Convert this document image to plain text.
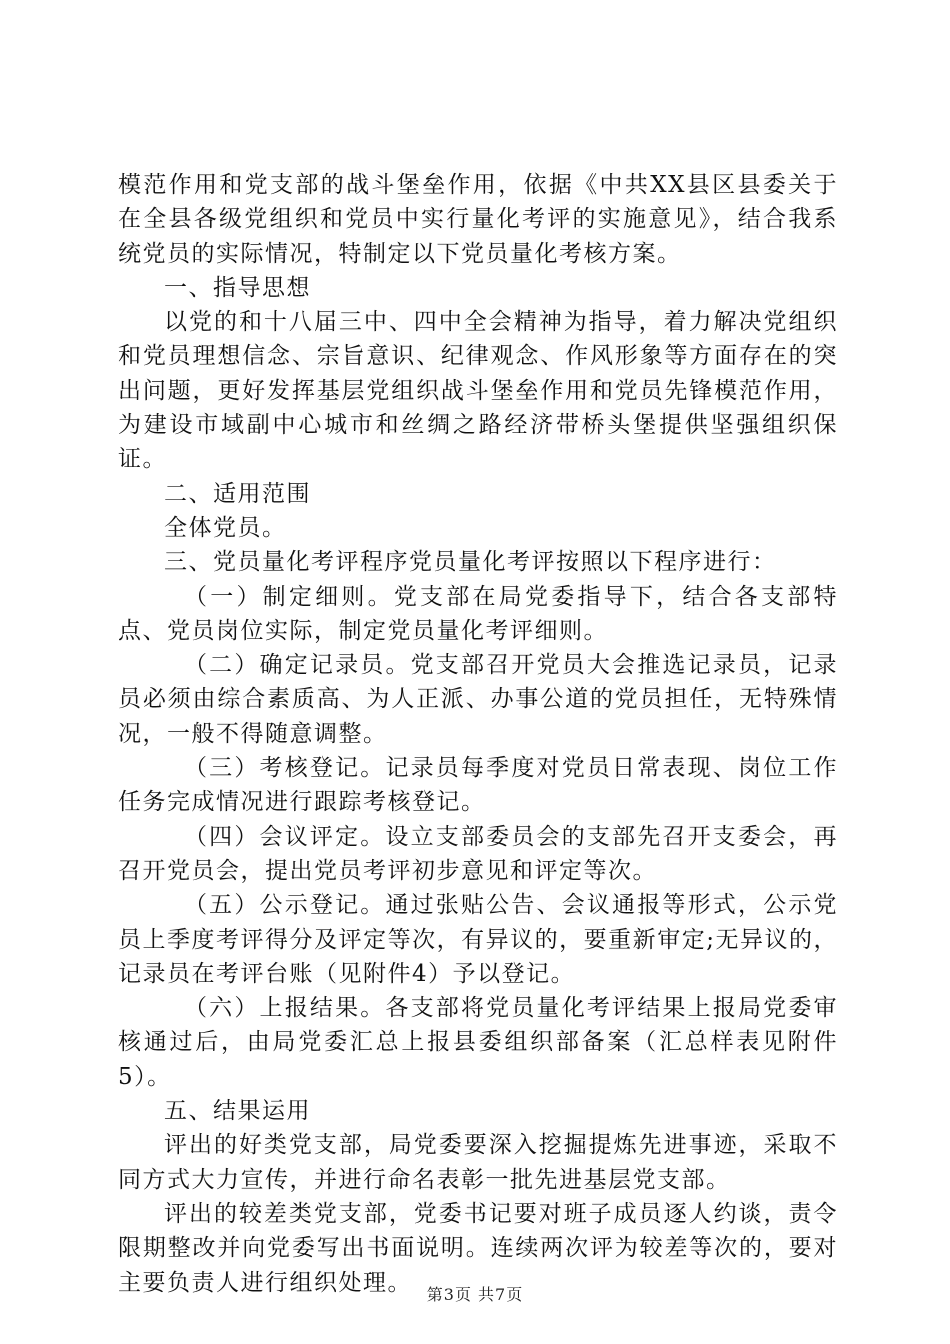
模范作用和党支部的战斗堡垒作用，依据《中共XX县区县委关于在全县各级党组织和党员中实行量化考评的实施意见》，结合我系统党员的实际情况，特制定以下党员量化考核方案。

一、指导思想

以党的和十八届三中、四中全会精神为指导，着力解决党组织和党员理想信念、宗旨意识、纪律观念、作风形象等方面存在的突出问题，更好发挥基层党组织战斗堡垒作用和党员先锋模范作用，为建设市域副中心城市和丝绸之路经济带桥头堡提供坚强组织保证。

二、适用范围

全体党员。

三、党员量化考评程序党员量化考评按照以下程序进行：

（一）制定细则。党支部在局党委指导下，结合各支部特点、党员岗位实际，制定党员量化考评细则。

（二）确定记录员。党支部召开党员大会推选记录员，记录员必须由综合素质高、为人正派、办事公道的党员担任，无特殊情况，一般不得随意调整。

（三）考核登记。记录员每季度对党员日常表现、岗位工作任务完成情况进行跟踪考核登记。

（四）会议评定。设立支部委员会的支部先召开支委会，再召开党员会，提出党员考评初步意见和评定等次。

（五）公示登记。通过张贴公告、会议通报等形式，公示党员上季度考评得分及评定等次，有异议的，要重新审定;无异议的，记录员在考评台账（见附件4）予以登记。

（六）上报结果。各支部将党员量化考评结果上报局党委审核通过后，由局党委汇总上报县委组织部备案（汇总样表见附件5）。

五、结果运用

评出的好类党支部，局党委要深入挖掘提炼先进事迹，采取不同方式大力宣传，并进行命名表彰一批先进基层党支部。

评出的较差类党支部，党委书记要对班子成员逐人约谈，责令限期整改并向党委写出书面说明。连续两次评为较差等次的，要对主要负责人进行组织处理。 第3页 共7页
